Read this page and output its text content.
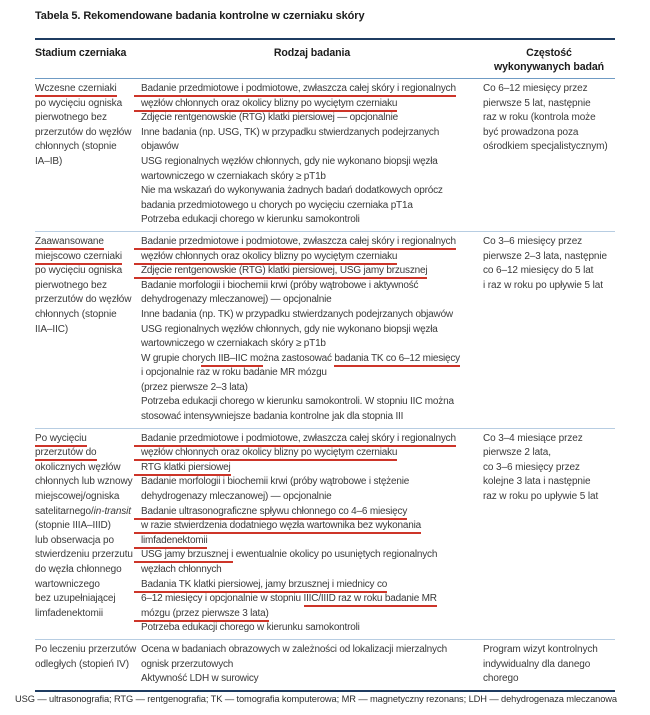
Tabela 5. Rekomendowane badania kontrolne w czerniaku skóry
Stadium czerniaka	Rodzaj badania	Częstość
wykonywanych badań
Wczesne czerniaki
po wycięciu ogniska
pierwotnego bez
przerzutów do węzłów
chłonnych (stopnie
IA–IB)
Badanie przedmiotowe i podmiotowe, zwłaszcza całej skóry i regionalnych
węzłów chłonnych oraz okolicy blizny po wyciętym czerniaku
Zdjęcie rentgenowskie (RTG) klatki piersiowej — opcjonalnie
Inne badania (np. USG, TK) w przypadku stwierdzanych podejrzanych
objawów
USG regionalnych węzłów chłonnych, gdy nie wykonano biopsji węzła
wartowniczego w czerniakach skóry ≥ pT1b
Nie ma wskazań do wykonywania żadnych badań dodatkowych oprócz
badania przedmiotowego u chorych po wycięciu czerniaka pT1a
Potrzeba edukacji chorego w kierunku samokontroli
Co 6–12 miesięcy przez
pierwsze 5 lat, następnie
raz w roku (kontrola może
być prowadzona poza
ośrodkiem specjalistycznym)
Zaawansowane
miejscowo czerniaki
po wycięciu ogniska
pierwotnego bez
przerzutów do węzłów
chłonnych (stopnie
IIA–IIC)
Badanie przedmiotowe i podmiotowe, zwłaszcza całej skóry i regionalnych
węzłów chłonnych oraz okolicy blizny po wyciętym czerniaku
Zdjęcie rentgenowskie (RTG) klatki piersiowej, USG jamy brzusznej
Badanie morfologii i biochemii krwi (próby wątrobowe i aktywność
dehydrogenazy mleczanowej) — opcjonalnie
Inne badania (np. TK) w przypadku stwierdzanych podejrzanych objawów
USG regionalnych węzłów chłonnych, gdy nie wykonano biopsji węzła
wartowniczego w czerniakach skóry ≥ pT1b
W grupie chorych IIB–IIC można zastosować badania TK co 6–12 miesięcy
i opcjonalnie raz w roku badanie MR mózgu
(przez pierwsze 2–3 lata)
Potrzeba edukacji chorego w kierunku samokontroli. W stopniu IIC można
stosować intensywniejsze badania kontrolne jak dla stopnia III
Co 3–6 miesięcy przez
pierwsze 2–3 lata, następnie
co 6–12 miesięcy do 5 lat
i raz w roku po upływie 5 lat
Po wycięciu
przerzutów do
okolicznych węzłów
chłonnych lub wznowy
miejscowej/ogniska
satelitarnego/in-transit
(stopnie IIIA–IIID)
lub obserwacja po
stwierdzeniu przerzutu
do węzła chłonnego
wartowniczego
bez uzupełniającej
limfadenektomii
Badanie przedmiotowe i podmiotowe, zwłaszcza całej skóry i regionalnych
węzłów chłonnych oraz okolicy blizny po wyciętym czerniaku
RTG klatki piersiowej
Badanie morfologii i biochemii krwi (próby wątrobowe i stężenie
dehydrogenazy mleczanowej) — opcjonalnie
Badanie ultrasonograficzne spływu chłonnego co 4–6 miesięcy
w razie stwierdzenia dodatniego węzła wartownika bez wykonania
limfadenektomii
USG jamy brzusznej i ewentualnie okolicy po usuniętych regionalnych
węzłach chłonnych
Badania TK klatki piersiowej, jamy brzusznej i miednicy co
6–12 miesięcy i opcjonalnie w stopniu IIIC/IIID raz w roku badanie MR
mózgu (przez pierwsze 3 lata)
Potrzeba edukacji chorego w kierunku samokontroli
Co 3–4 miesiące przez
pierwsze 2 lata,
co 3–6 miesięcy przez
kolejne 3 lata i następnie
raz w roku po upływie 5 lat
Po leczeniu przerzutów
odległych (stopień IV)
Ocena w badaniach obrazowych w zależności od lokalizacji mierzalnych
ognisk przerzutowych
Aktywność LDH w surowicy
Program wizyt kontrolnych
indywidualny dla danego
chorego
USG — ultrasonografia; RTG — rentgenografia; TK — tomografia komputerowa; MR — magnetyczny rezonans; LDH — dehydrogenaza mleczanowa
